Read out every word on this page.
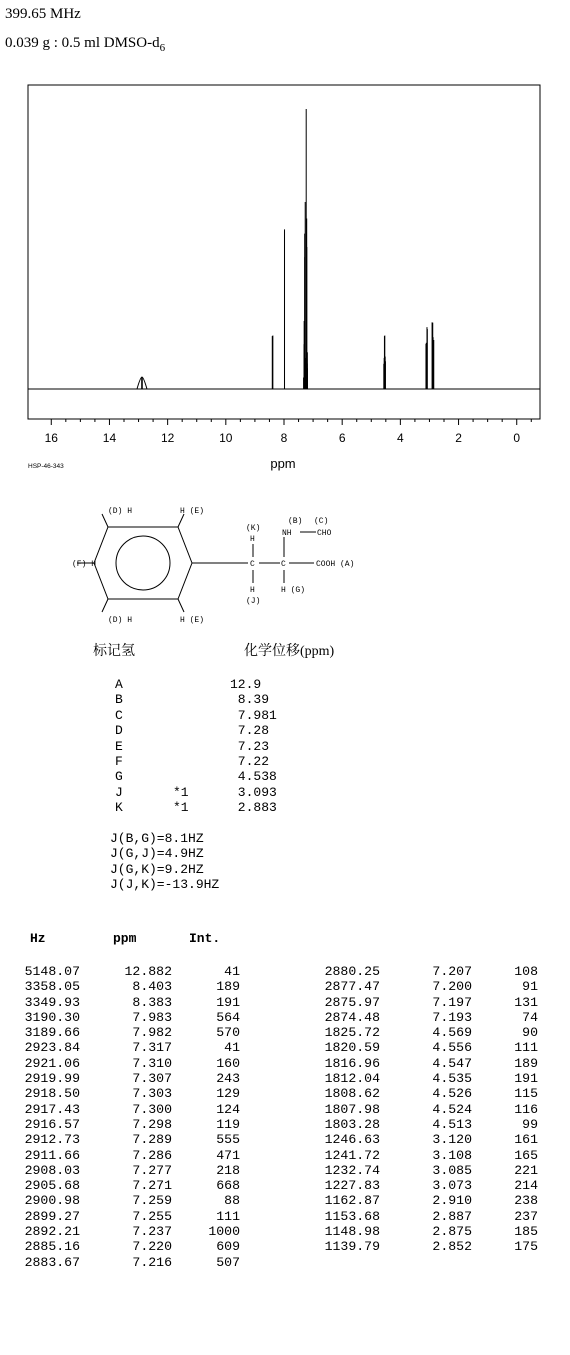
399.65 MHz
0.039 g : 0.5 ml DMSO-$d_6$
16	14	12	10	8	6	4	2	0
ppm
HSP-46-343
(D) H	H (E)
(F) H
(D) H	H (E)
(K)
H
(B) (C)
NH	CHO
C	C	COOH (A)
H
(J)
H (G)
标记氢	化学位移(ppm)
A	12.9
B	8.39
C	7.981
D	7.28
E	7.23
F	7.22
G	4.538
J	*1	3.093
K	*1	2.883
J(B,G)=8.1HZ
J(G,J)=4.9HZ
J(G,K)=9.2HZ
J(J,K)=-13.9HZ
Hz	ppm	Int.
5148.07	12.882	41
3358.05	8.403	189
3349.93	8.383	191
3190.30	7.983	564
3189.66	7.982	570
2923.84	7.317	41
2921.06	7.310	160
2919.99	7.307	243
2918.50	7.303	129
2917.43	7.300	124
2916.57	7.298	119
2912.73	7.289	555
2911.66	7.286	471
2908.03	7.277	218
2905.68	7.271	668
2900.98	7.259	88
2899.27	7.255	111
2892.21	7.237	1000
2885.16	7.220	609
2883.67	7.216	507
2880.25	7.207	108
2877.47	7.200	91
2875.97	7.197	131
2874.48	7.193	74
1825.72	4.569	90
1820.59	4.556	111
1816.96	4.547	189
1812.04	4.535	191
1808.62	4.526	115
1807.98	4.524	116
1803.28	4.513	99
1246.63	3.120	161
1241.72	3.108	165
1232.74	3.085	221
1227.83	3.073	214
1162.87	2.910	238
1153.68	2.887	237
1148.98	2.875	185
1139.79	2.852	175
